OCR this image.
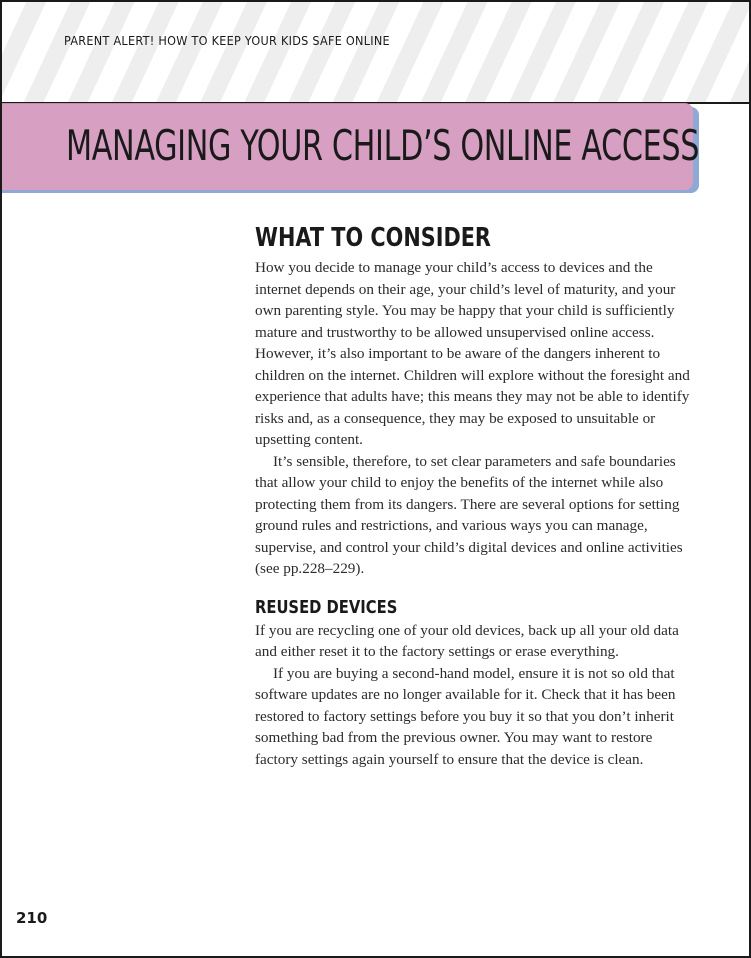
PARENT ALERT! HOW TO KEEP YOUR KIDS SAFE ONLINE
MANAGING YOUR CHILD’S ONLINE ACCESS
WHAT TO CONSIDER

How you decide to manage your child’s access to devices and the internet depends on their age, your child’s level of maturity, and your own parenting style. You may be happy that your child is sufficiently mature and trustworthy to be allowed unsupervised online access. However, it’s also important to be aware of the dangers inherent to children on the internet. Children will explore without the foresight and experience that adults have; this means they may not be able to identify risks and, as a consequence, they may be exposed to unsuitable or upsetting content.

It’s sensible, therefore, to set clear parameters and safe boundaries that allow your child to enjoy the benefits of the internet while also protecting them from its dangers. There are several options for setting ground rules and restrictions, and various ways you can manage, supervise, and control your child’s digital devices and online activities (see pp.228–229).

REUSED DEVICES

If you are recycling one of your old devices, back up all your old data and either reset it to the factory settings or erase everything.

If you are buying a second-hand model, ensure it is not so old that software updates are no longer available for it. Check that it has been restored to factory settings before you buy it so that you don’t inherit something bad from the previous owner. You may want to restore factory settings again yourself to ensure that the device is clean.

210
